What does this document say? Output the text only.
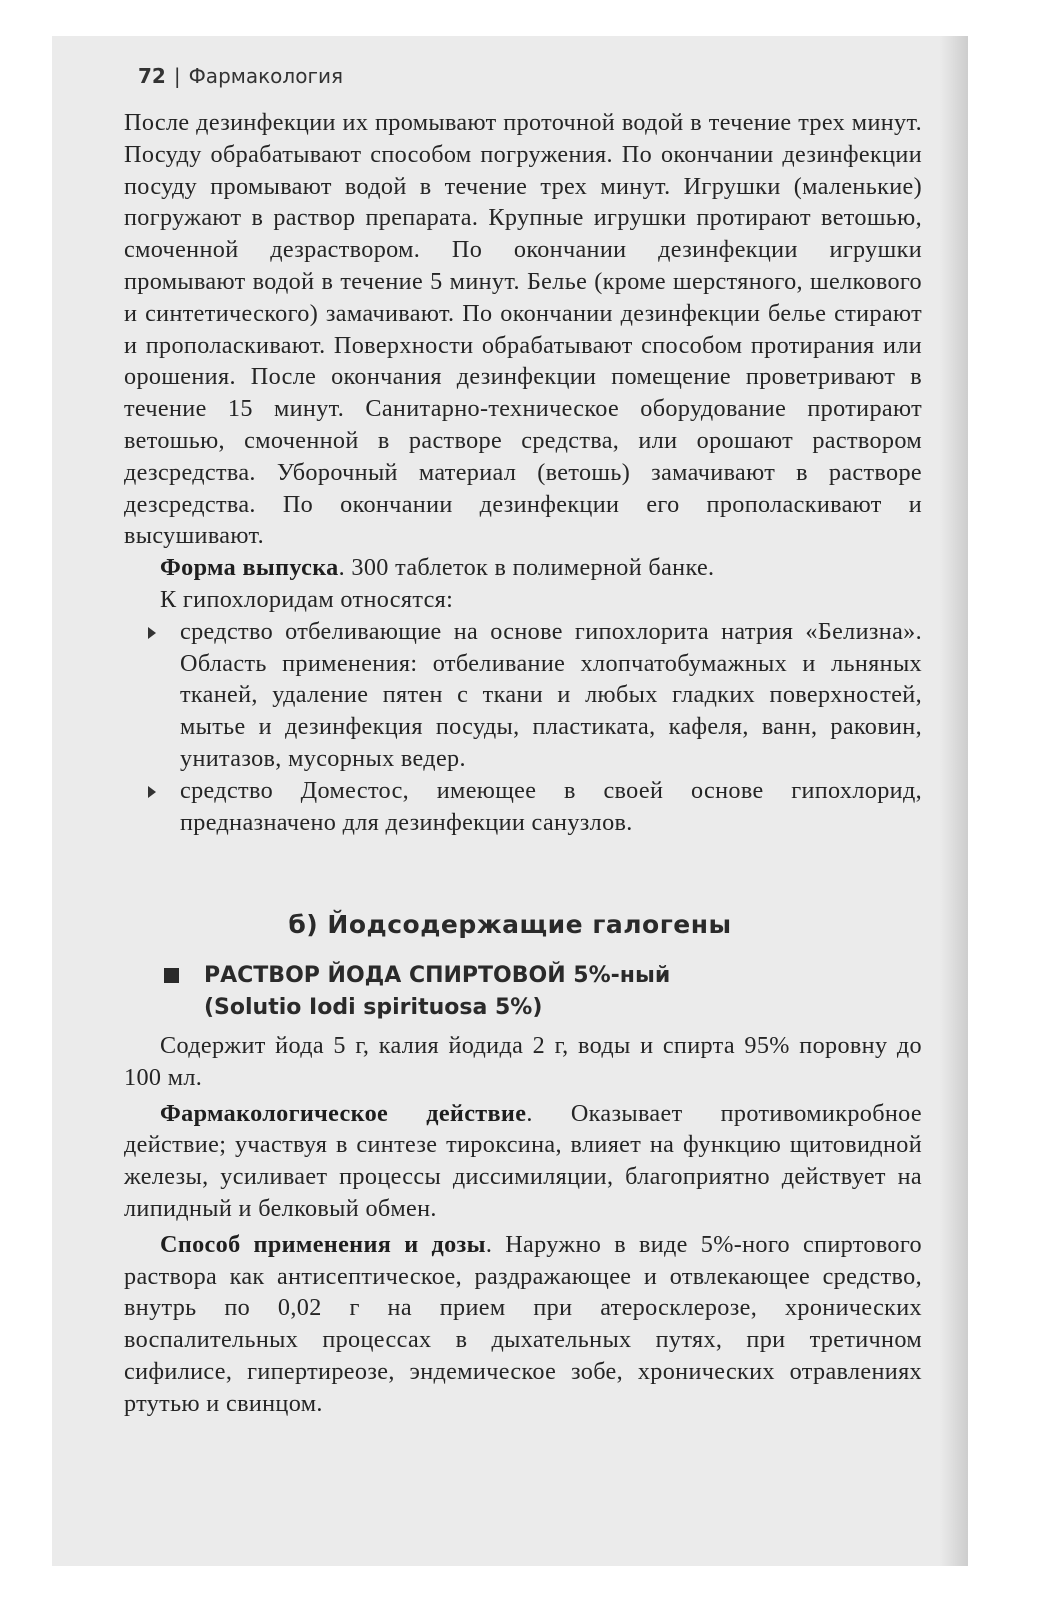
72 | Фармакология

После дезинфекции их промывают проточной водой в течение трех минут. Посуду обрабатывают способом погружения. По окончании дезинфекции посуду промывают водой в течение трех минут. Игрушки (маленькие) погружают в раствор препарата. Крупные игрушки протирают ветошью, смоченной дезраствором. По окончании дезинфекции игрушки промывают водой в течение 5 минут. Белье (кроме шерстяного, шелкового и синтетического) замачивают. По окончании дезинфекции белье стирают и прополаскивают. Поверхности обрабатывают способом протирания или орошения. После окончания дезинфекции помещение проветривают в течение 15 минут. Санитарно-техническое оборудование протирают ветошью, смоченной в растворе средства, или орошают раствором дезсредства. Уборочный материал (ветошь) замачивают в растворе дезсредства. По окончании дезинфекции его прополаскивают и высушивают.

Форма выпуска. 300 таблеток в полимерной банке.

К гипохлоридам относятся:

средство отбеливающие на основе гипохлорита натрия «Белизна». Область применения: отбеливание хлопчатобумажных и льняных тканей, удаление пятен с ткани и любых гладких поверхностей, мытье и дезинфекция посуды, пластиката, кафеля, ванн, раковин, унитазов, мусорных ведер.
средство Доместос, имеющее в своей основе гипохлорид, предназначено для дезинфекции санузлов.
б) Йодсодержащие галогены
РАСТВОР ЙОДА СПИРТОВОЙ 5%-ный
(Solutio Iodi spirituosa 5%)

Содержит йода 5 г, калия йодида 2 г, воды и спирта 95% поровну до 100 мл.

Фармакологическое действие. Оказывает противомикробное действие; участвуя в синтезе тироксина, влияет на функцию щитовидной железы, усиливает процессы диссимиляции, благоприятно действует на липидный и белковый обмен.

Способ применения и дозы. Наружно в виде 5%-ного спиртового раствора как антисептическое, раздражающее и отвлекающее средство, внутрь по 0,02 г на прием при атеросклерозе, хронических воспалительных процессах в дыхательных путях, при третичном сифилисе, гипертиреозе, эндемическое зобе, хронических отравлениях ртутью и свинцом.
